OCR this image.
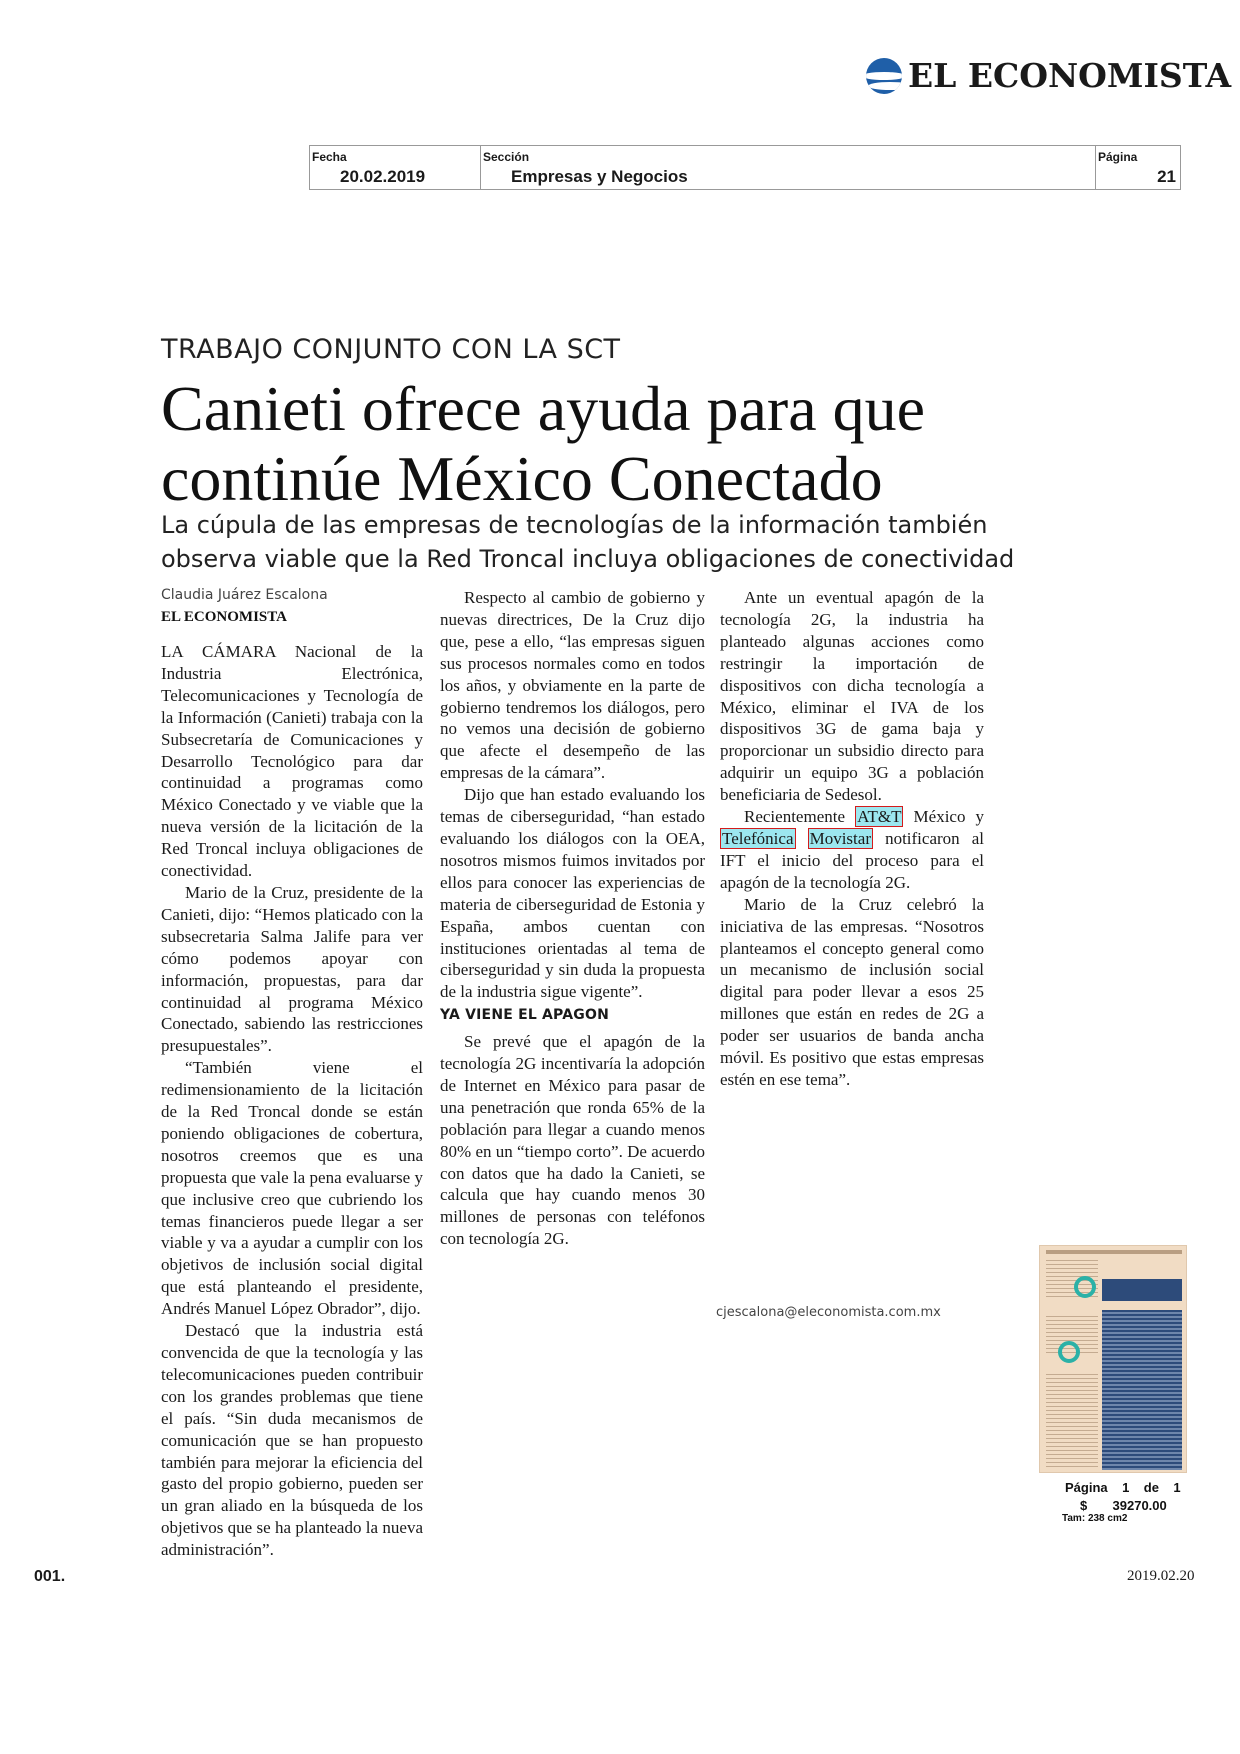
EL ECONOMISTA
Fecha
20.02.2019
Sección
Empresas y Negocios
Página
21
TRABAJO CONJUNTO CON LA SCT
Canieti ofrece ayuda para que continúe México Conectado
La cúpula de las empresas de tecnologías de la información también observa viable que la Red Troncal incluya obligaciones de conectividad
Claudia Juárez Escalona
EL ECONOMISTA

LA CÁMARA Nacional de la Industria Electrónica, Telecomunicaciones y Tecnología de la Información (Canieti) trabaja con la Subsecretaría de Comunicaciones y Desarrollo Tecnológico para dar continuidad a programas como México Conectado y ve viable que la nueva versión de la licitación de la Red Troncal incluya obligaciones de conectividad.

Mario de la Cruz, presidente de la Canieti, dijo: “Hemos platicado con la subsecretaria Salma Jalife para ver cómo podemos apoyar con información, propuestas, para dar continuidad al programa México Conectado, sabiendo las restricciones presupuestales”.

“También viene el redimensionamiento de la licitación de la Red Troncal donde se están poniendo obligaciones de cobertura, nosotros creemos que es una propuesta que vale la pena evaluarse y que inclusive creo que cubriendo los temas financieros puede llegar a ser viable y va a ayudar a cumplir con los objetivos de inclusión social digital que está planteando el presidente, Andrés Manuel López Obrador”, dijo.

Destacó que la industria está convencida de que la tecnología y las telecomunicaciones pueden contribuir con los grandes problemas que tiene el país. “Sin duda mecanismos de comunicación que se han propuesto también para mejorar la eficiencia del gasto del propio gobierno, pueden ser un gran aliado en la búsqueda de los objetivos que se ha planteado la nueva administración”.

Respecto al cambio de gobierno y nuevas directrices, De la Cruz dijo que, pese a ello, “las empresas siguen sus procesos normales como en todos los años, y obviamente en la parte de gobierno tendremos los diálogos, pero no vemos una decisión de gobierno que afecte el desempeño de las empresas de la cámara”.

Dijo que han estado evaluando los temas de ciberseguridad, “han estado evaluando los diálogos con la OEA, nosotros mismos fuimos invitados por ellos para conocer las experiencias de materia de ciberseguridad de Estonia y España, ambos cuentan con instituciones orientadas al tema de ciberseguridad y sin duda la propuesta de la industria sigue vigente”.

YA VIENE EL APAGON

Se prevé que el apagón de la tecnología 2G incentivaría la adopción de Internet en México para pasar de una penetración que ronda 65% de la población para llegar a cuando menos 80% en un “tiempo corto”. De acuerdo con datos que ha dado la Canieti, se calcula que hay cuando menos 30 millones de personas con teléfonos con tecnología 2G.

Ante un eventual apagón de la tecnología 2G, la industria ha planteado algunas acciones como restringir la importación de dispositivos con dicha tecnología a México, eliminar el IVA de los dispositivos 3G de gama baja y proporcionar un subsidio directo para adquirir un equipo 3G a población beneficiaria de Sedesol.

Recientemente AT&T México y Telefónica Movistar notificaron al IFT el inicio del proceso para el apagón de la tecnología 2G.

Mario de la Cruz celebró la iniciativa de las empresas. “Nosotros planteamos el concepto general como un mecanismo de inclusión social digital para poder llevar a esos 25 millones que están en redes de 2G a poder ser usuarios de banda ancha móvil. Es positivo que estas empresas estén en ese tema”.

cjescalona@eleconomista.com.mx
Página 1 de 1
$ 39270.00
Tam: 238 cm2
001.	2019.02.20
